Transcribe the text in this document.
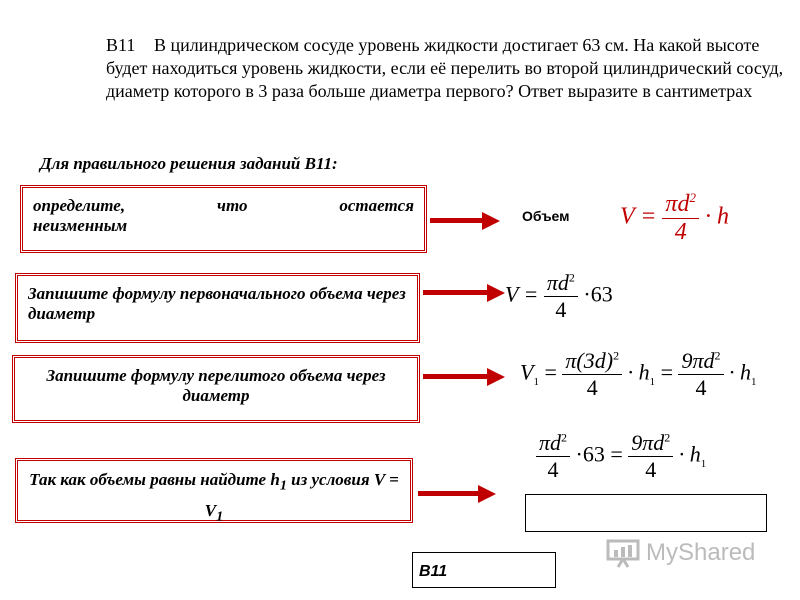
B11 В цилиндрическом сосуде уровень жидкости достигает 63 см. На какой высоте будет находиться уровень жидкости, если её перелить во второй цилиндрический сосуд, диаметр которого в 3 раза больше диаметра первого? Ответ выразите в сантиметрах
Для правильного решения заданий B11:
определите,	что	остается
неизменным
Запишите формулу первоначального объема через диаметр
Запишите формулу перелитого объема через диаметр
Так как объемы равны найдите $h_1$ из условия $V = V_1$
Объем $V = \frac{\pi d^2}{4} \cdot h$
$V = \frac{\pi d^2}{4} \cdot 63$
$V_1 = \frac{\pi(3d)^2}{4} \cdot h_1 = \frac{9\pi d^2}{4} \cdot h_1$
$\frac{\pi d^2}{4} \cdot 63 = \frac{9\pi d^2}{4} \cdot h_1$
B11
MyShared
